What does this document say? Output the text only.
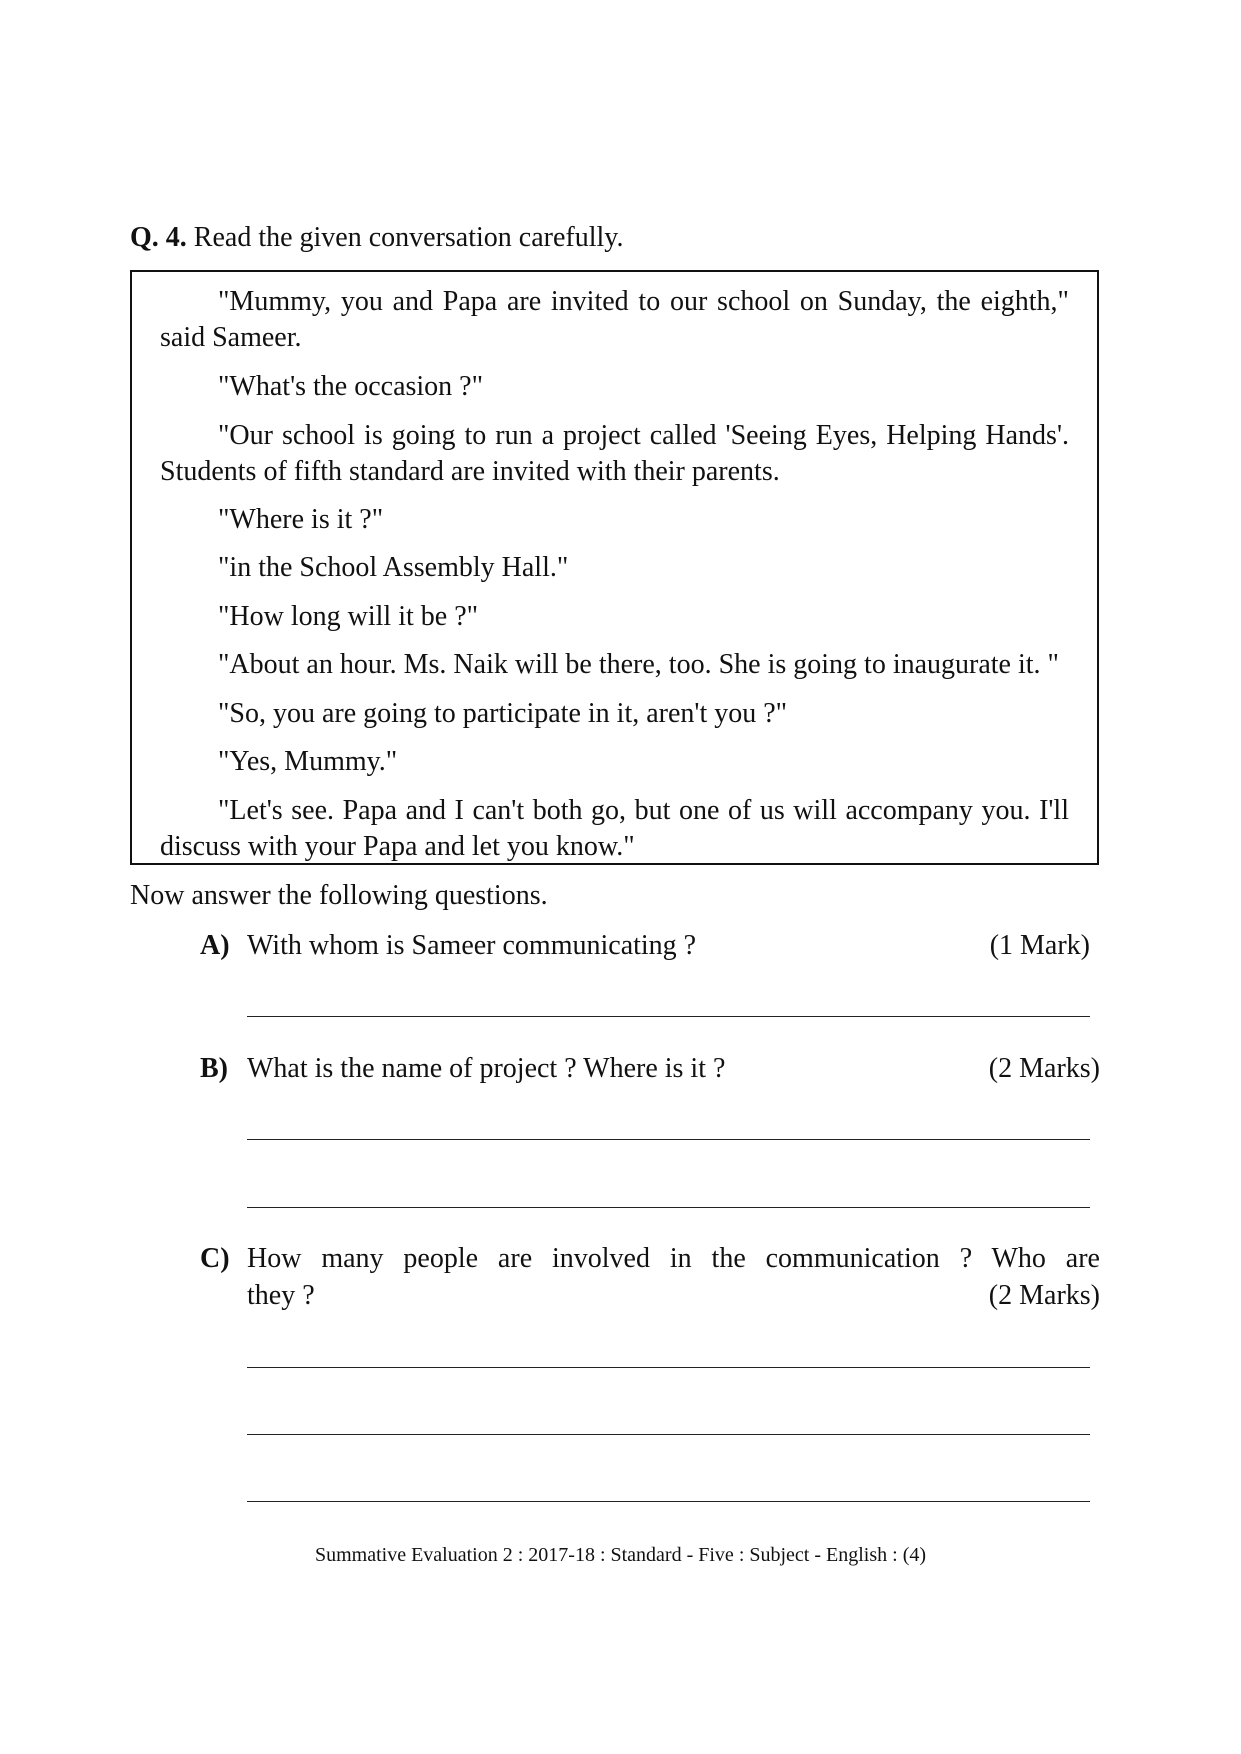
Q. 4. Read the given conversation carefully.

"Mummy, you and Papa are invited to our school on Sunday, the eighth," said Sameer.

"What's the occasion ?"

"Our school is going to run a project called 'Seeing Eyes, Helping Hands'. Students of fifth standard are invited with their parents.

"Where is it ?"

"in the School Assembly Hall."

"How long will it be ?"

"About an hour. Ms. Naik will be there, too. She is going to inaugurate it. "

"So, you are going to participate in it, aren't you ?"

"Yes, Mummy."

"Let's see. Papa and I can't both go, but one of us will accompany you. I'll discuss with your Papa and let you know."

Now answer the following questions.
A) With whom is Sameer communicating ?	(1 Mark)
B) What is the name of project ? Where is it ?	(2 Marks)
C) How many people are involved in the communication ? Who are
they ?	(2 Marks)
Summative Evaluation 2 : 2017-18 : Standard - Five : Subject - English : (4)
